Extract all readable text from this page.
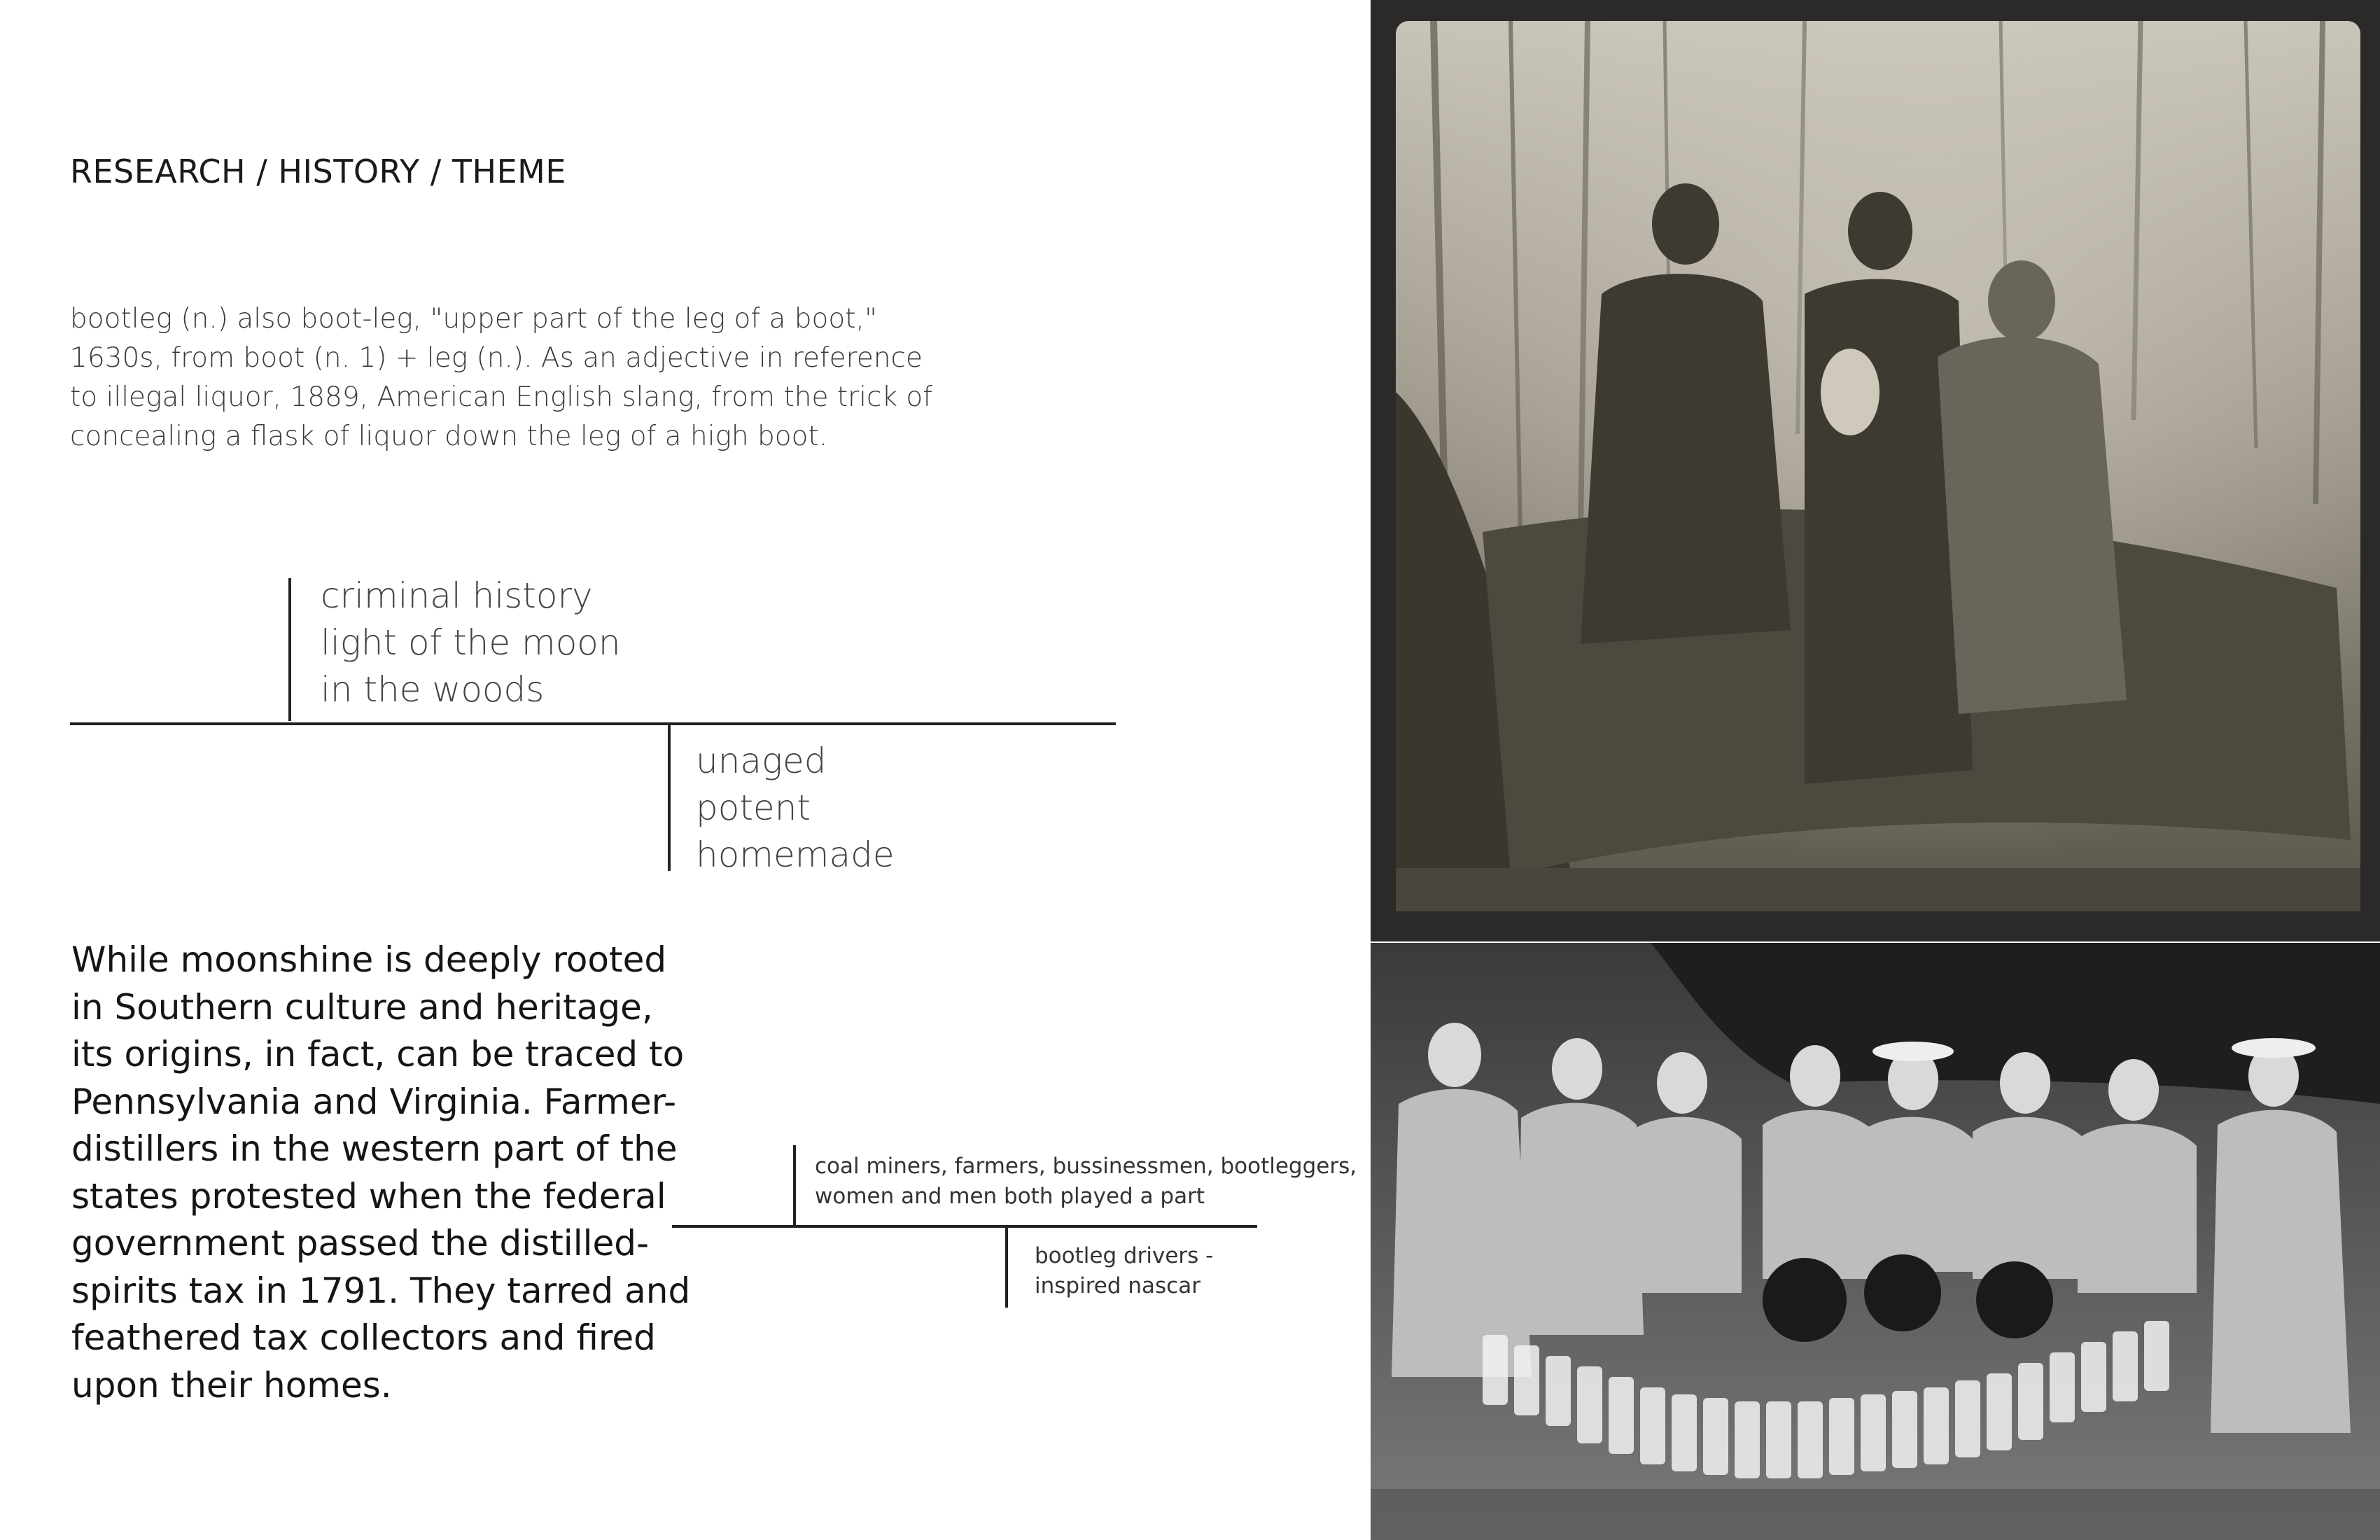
RESEARCH / HISTORY / THEME
bootleg (n.) also boot-leg, "upper part of the leg of a boot,"
1630s, from boot (n. 1) + leg (n.). As an adjective in reference
to illegal liquor, 1889, American English slang, from the trick of
concealing a flask of liquor down the leg of a high boot.
criminal history
light of the moon
in the woods
unaged
potent
homemade
While moonshine is deeply rooted
in Southern culture and heritage,
its origins, in fact, can be traced to
Pennsylvania and Virginia. Farmer-
distillers in the western part of the
states protested when the federal
government passed the distilled-
spirits tax in 1791. They tarred and
feathered tax collectors and fired
upon their homes.
coal miners, farmers, bussinessmen, bootleggers,
women and men both played a part
bootleg drivers -
inspired nascar
